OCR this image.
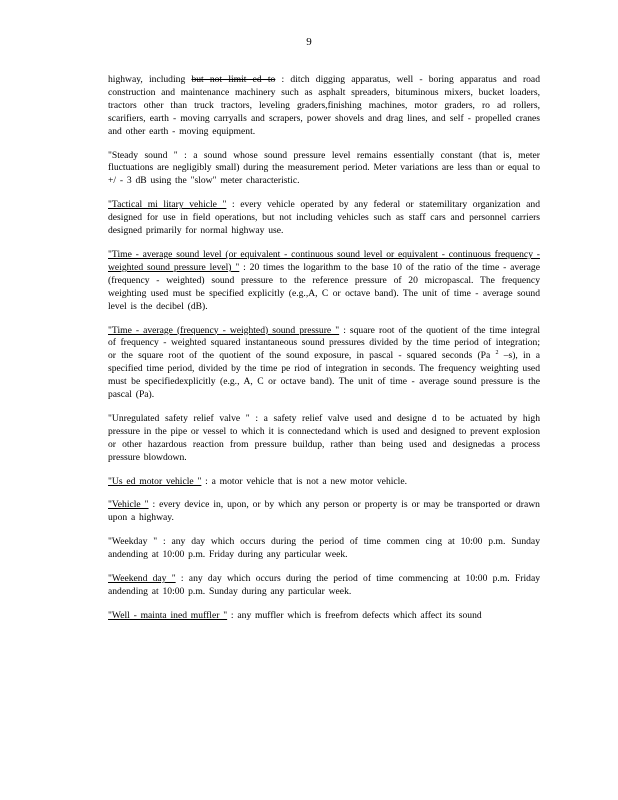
9

highway, including but not limit ed to : ditch digging apparatus, well - boring apparatus and road construction and maintenance machinery such as asphalt spreaders, bituminous mixers, bucket loaders, tractors other than truck tractors, leveling graders,finishing machines, motor graders, ro ad rollers, scarifiers, earth - moving carryalls and scrapers, power shovels and drag lines, and self - propelled cranes and other earth - moving equipment.

"Steady sound " : a sound whose sound pressure level remains essentially constant (that is, meter fluctuations are negligibly small) during the measurement period. Meter variations are less than or equal to +/ - 3 dB using the "slow" meter characteristic.

"Tactical mi litary vehicle " : every vehicle operated by any federal or statemilitary organization and designed for use in field operations, but not including vehicles such as staff cars and personnel carriers designed primarily for normal highway use.

"Time - average sound level (or equivalent - continuous sound level or equivalent - continuous frequency - weighted sound pressure level) " : 20 times the logarithm to the base 10 of the ratio of the time - average (frequency - weighted) sound pressure to the reference pressure of 20 micropascal. The frequency weighting used must be specified explicitly (e.g.,A, C or octave band). The unit of time - average sound level is the decibel (dB).

"Time - average (frequency - weighted) sound pressure " : square root of the quotient of the time integral of frequency - weighted squared instantaneous sound pressures divided by the time period of integration; or the square root of the quotient of the sound exposure, in pascal - squared seconds (Pa $^2$ –s), in a specified time period, divided by the time pe riod of integration in seconds. The frequency weighting used must be specifiedexplicitly (e.g., A, C or octave band). The unit of time - average sound pressure is the pascal (Pa).

"Unregulated safety relief valve " : a safety relief valve used and designe d to be actuated by high pressure in the pipe or vessel to which it is connectedand which is used and designed to prevent explosion or other hazardous reaction from pressure buildup, rather than being used and designedas a process pressure blowdown.

"Us ed motor vehicle " : a motor vehicle that is not a new motor vehicle.

"Vehicle " : every device in, upon, or by which any person or property is or may be transported or drawn upon a highway.

"Weekday " : any day which occurs during the period of time commen cing at 10:00 p.m. Sunday andending at 10:00 p.m. Friday during any particular week.

"Weekend day " : any day which occurs during the period of time commencing at 10:00 p.m. Friday andending at 10:00 p.m. Sunday during any particular week.

"Well - mainta ined muffler " : any muffler which is freefrom defects which affect its sound
